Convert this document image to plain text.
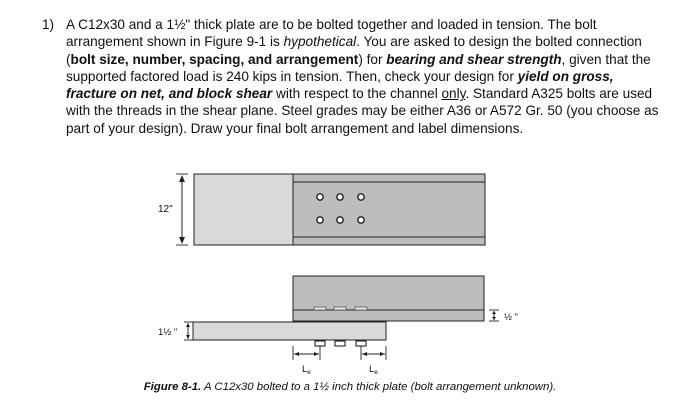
1) A C12x30 and a 1½" thick plate are to be bolted together and loaded in tension. The bolt arrangement shown in Figure 9-1 is hypothetical. You are asked to design the bolted connection (bolt size, number, spacing, and arrangement) for bearing and shear strength, given that the supported factored load is 240 kips in tension. Then, check your design for yield on gross, fracture on net, and block shear with respect to the channel only. Standard A325 bolts are used with the threads in the shear plane. Steel grades may be either A36 or A572 Gr. 50 (you choose as part of your design). Draw your final bolt arrangement and label dimensions.
12"
1½ "
½ "
$L_e$	$L_e$
Figure 8-1. A C12x30 bolted to a 1½ inch thick plate (bolt arrangement unknown).
